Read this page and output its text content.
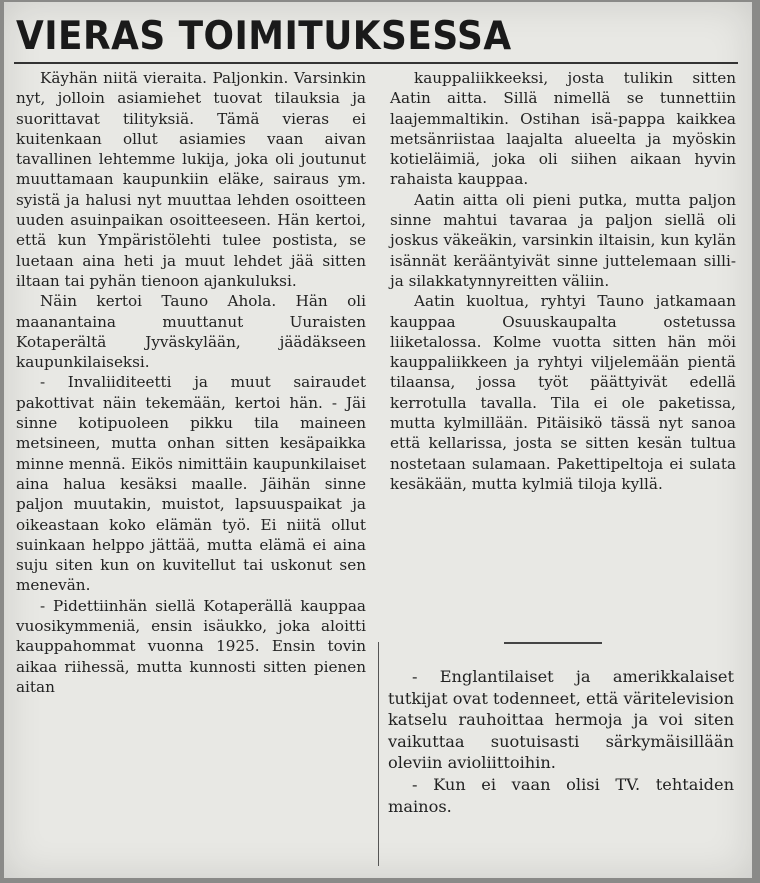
VIERAS TOIMITUKSESSA

Käyhän niitä vieraita. Paljonkin. Varsinkin nyt, jolloin asiamiehet tuovat tilauksia ja suorittavat tilityksiä. Tämä vieras ei kuitenkaan ollut asiamies vaan aivan tavallinen lehtemme lukija, joka oli joutunut muuttamaan kaupunkiin eläke, sairaus ym. syistä ja halusi nyt muuttaa lehden osoitteen uuden asuinpaikan osoitteeseen. Hän kertoi, että kun Ympäristölehti tulee postista, se luetaan aina heti ja muut lehdet jää sitten iltaan tai pyhän tienoon ajankuluksi.

Näin kertoi Tauno Ahola. Hän oli maanantaina muuttanut Uuraisten Kotaperältä Jyväskylään, jäädäkseen kaupunkilaiseksi.

- Invaliiditeetti ja muut sairaudet pakottivat näin tekemään, kertoi hän. - Jäi sinne kotipuoleen pikku tila maineen metsineen, mutta onhan sitten kesäpaikka minne mennä. Eikös nimittäin kaupunkilaiset aina halua kesäksi maalle. Jäihän sinne paljon muutakin, muistot, lapsuuspaikat ja oikeastaan koko elämän työ. Ei niitä ollut suinkaan helppo jättää, mutta elämä ei aina suju siten kun on kuvitellut tai uskonut sen menevän.

- Pidettiinhän siellä Kotaperällä kauppaa vuosikymmeniä, ensin isäukko, joka aloitti kauppahommat vuonna 1925. Ensin tovin aikaa riihessä, mutta kunnosti sitten pienen aitan

kauppaliikkeeksi, josta tulikin sitten Aatin aitta. Sillä nimellä se tunnettiin laajemmaltikin. Ostihan isä-pappa kaikkea metsänriistaa laajalta alueelta ja myöskin kotieläimiä, joka oli siihen aikaan hyvin rahaista kauppaa.

Aatin aitta oli pieni putka, mutta paljon sinne mahtui tavaraa ja paljon siellä oli joskus väkeäkin, varsinkin iltaisin, kun kylän isännät kerääntyivät sinne juttelemaan silli- ja silakkatynnyreitten väliin.

Aatin kuoltua, ryhtyi Tauno jatkamaan kauppaa Osuuskaupalta ostetussa liiketalossa. Kolme vuotta sitten hän möi kauppaliikkeen ja ryhtyi viljelemään pientä tilaansa, jossa työt päättyivät edellä kerrotulla tavalla. Tila ei ole paketissa, mutta kylmillään. Pitäisikö tässä nyt sanoa että kellarissa, josta se sitten kesän tultua nostetaan sulamaan. Pakettipeltoja ei sulata kesäkään, mutta kylmiä tiloja kyllä.

- Englantilaiset ja amerikkalaiset tutkijat ovat todenneet, että väritelevision katselu rauhoittaa hermoja ja voi siten vaikuttaa suotuisasti särkymäisillään oleviin avioliittoihin.

- Kun ei vaan olisi TV. tehtaiden mainos.
